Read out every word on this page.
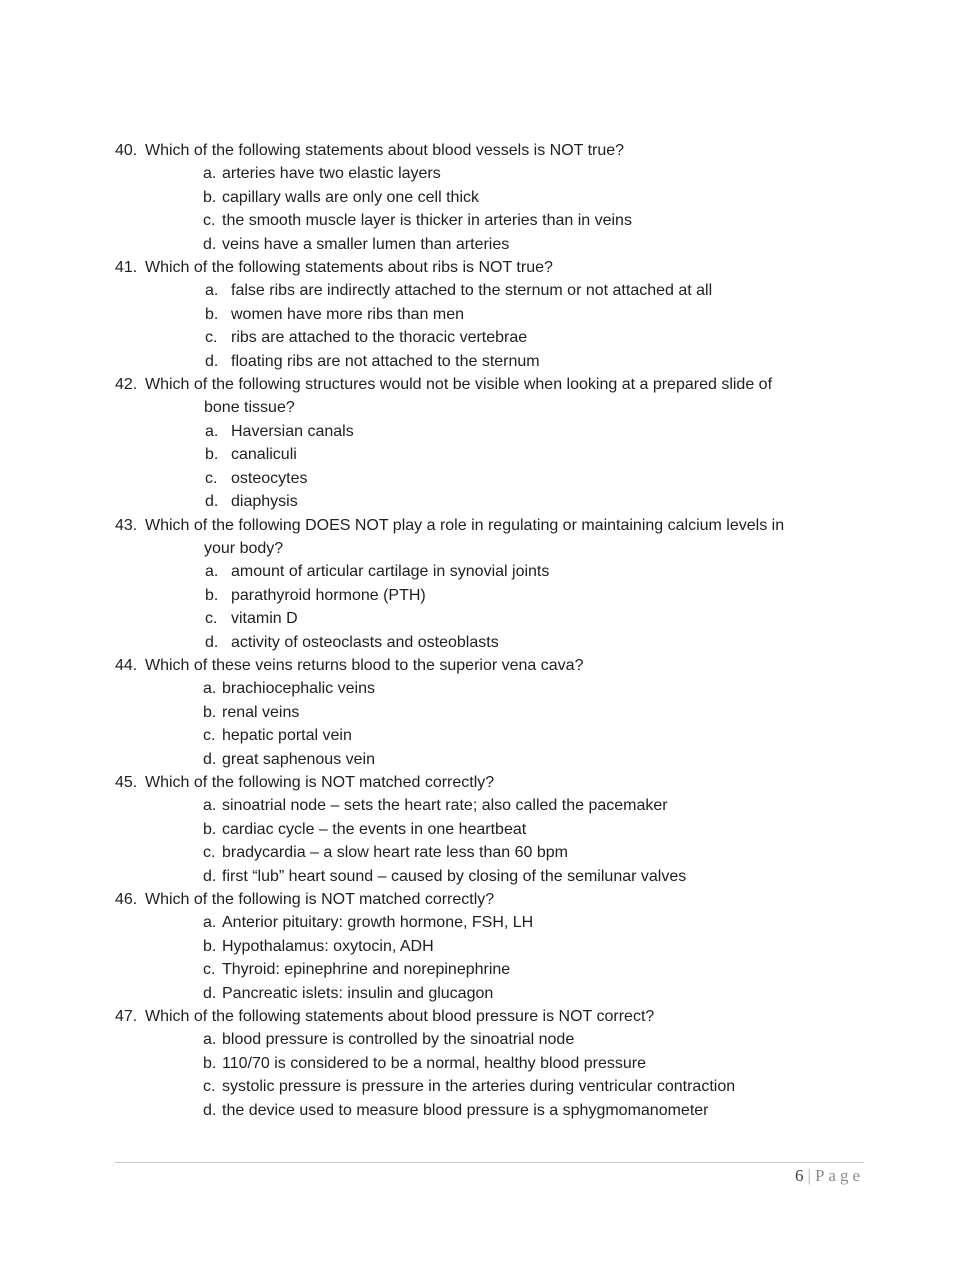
40. Which of the following statements about blood vessels is NOT true?
a. arteries have two elastic layers
b. capillary walls are only one cell thick
c. the smooth muscle layer is thicker in arteries than in veins
d. veins have a smaller lumen than arteries
41. Which of the following statements about ribs is NOT true?
a. false ribs are indirectly attached to the sternum or not attached at all
b. women have more ribs than men
c. ribs are attached to the thoracic vertebrae
d. floating ribs are not attached to the sternum
42. Which of the following structures would not be visible when looking at a prepared slide of
bone tissue?
a. Haversian canals
b. canaliculi
c. osteocytes
d. diaphysis
43. Which of the following DOES NOT play a role in regulating or maintaining calcium levels in
your body?
a. amount of articular cartilage in synovial joints
b. parathyroid hormone (PTH)
c. vitamin D
d. activity of osteoclasts and osteoblasts
44. Which of these veins returns blood to the superior vena cava?
a. brachiocephalic veins
b. renal veins
c. hepatic portal vein
d. great saphenous vein
45. Which of the following is NOT matched correctly?
a. sinoatrial node – sets the heart rate; also called the pacemaker
b. cardiac cycle – the events in one heartbeat
c. bradycardia – a slow heart rate less than 60 bpm
d. first “lub” heart sound – caused by closing of the semilunar valves
46. Which of the following is NOT matched correctly?
a. Anterior pituitary: growth hormone, FSH, LH
b. Hypothalamus: oxytocin, ADH
c. Thyroid: epinephrine and norepinephrine
d. Pancreatic islets: insulin and glucagon
47. Which of the following statements about blood pressure is NOT correct?
a. blood pressure is controlled by the sinoatrial node
b. 110/70 is considered to be a normal, healthy blood pressure
c. systolic pressure is pressure in the arteries during ventricular contraction
d. the device used to measure blood pressure is a sphygmomanometer
6 | Page
